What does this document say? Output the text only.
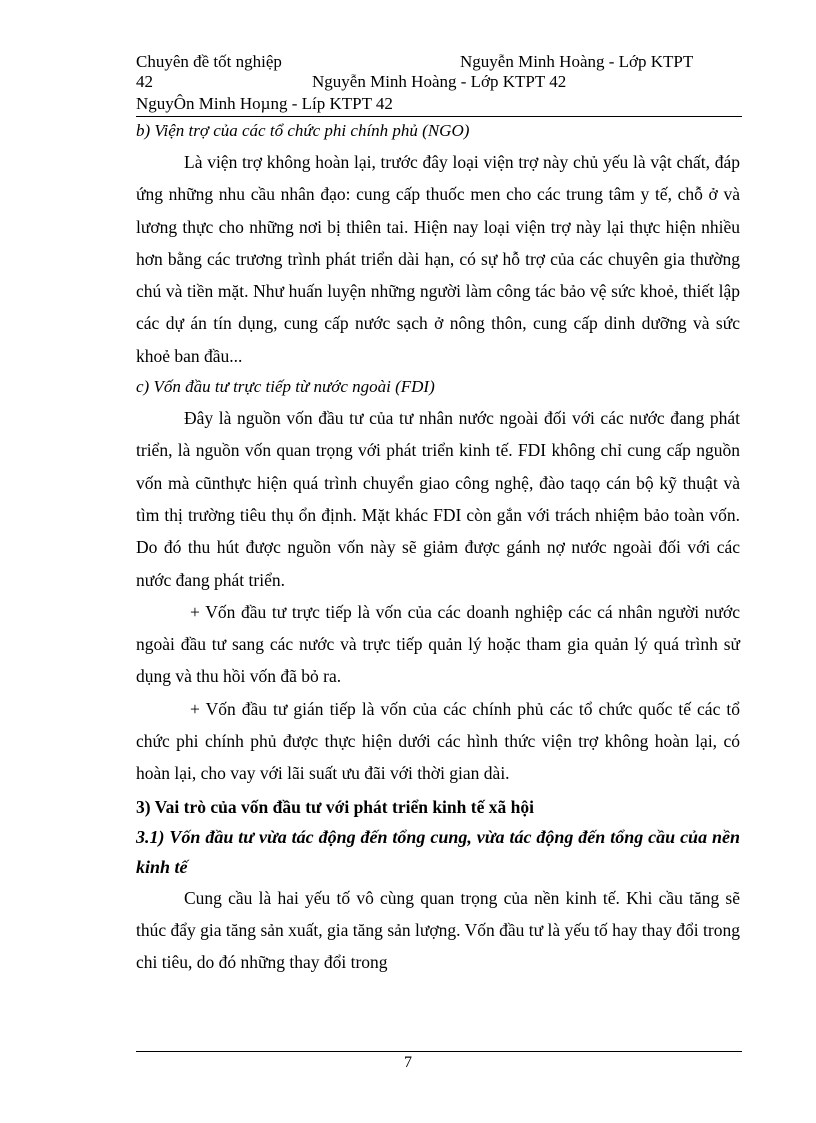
Chuyên đề tốt nghiệp	Nguyễn Minh Hoàng - Lớp KTPT
42	Nguyễn Minh Hoàng - Lớp KTPT 42
NguyÔn Minh Hoµng - Líp KTPT 42
b) Viện trợ của các tổ chức phi chính phủ (NGO)

Là viện trợ không hoàn lại, trước đây loại viện trợ này chủ yếu là vật chất, đáp ứng những nhu cầu nhân đạo: cung cấp thuốc men cho các trung tâm y tế, chỗ ở và lương thực cho những nơi bị thiên tai. Hiện nay loại viện trợ này lại thực hiện nhiều hơn bằng các trương trình phát triển dài hạn, có sự hỗ trợ của các chuyên gia thường chú và tiền mặt. Như huấn luyện những người làm công tác bảo vệ sức khoẻ, thiết lập các dự án tín dụng, cung cấp nước sạch ở nông thôn, cung cấp dinh dưỡng và sức khoẻ ban đầu...

c) Vốn đầu tư trực tiếp từ nước ngoài (FDI)

Đây là nguồn vốn đầu tư của tư nhân nước ngoài đối với các nước đang phát triển, là nguồn vốn quan trọng với phát triển kinh tế. FDI không chỉ cung cấp nguồn vốn mà cũnthực hiện quá trình chuyển giao công nghệ, đào taqọ cán bộ kỹ thuật và tìm thị trường tiêu thụ ổn định. Mặt khác FDI còn gắn với trách nhiệm bảo toàn vốn. Do đó thu hút được nguồn vốn này sẽ giảm được gánh nợ nước ngoài đối với các nước đang phát triển.

+ Vốn đầu tư trực tiếp là vốn của các doanh nghiệp các cá nhân người nước ngoài đầu tư sang các nước và trực tiếp quản lý hoặc tham gia quản lý quá trình sử dụng và thu hồi vốn đã bỏ ra.

+ Vốn đầu tư gián tiếp là vốn của các chính phủ các tổ chức quốc tế các tổ chức phi chính phủ được thực hiện dưới các hình thức viện trợ không hoàn lại, có hoàn lại, cho vay với lãi suất ưu đãi với thời gian dài.

3) Vai trò của vốn đầu tư với phát triển kinh tế xã hội
3.1) Vốn đầu tư vừa tác động đến tổng cung, vừa tác động đến tổng cầu của nền kinh tế

Cung cầu là hai yếu tố vô cùng quan trọng của nền kinh tế. Khi cầu tăng sẽ thúc đẩy gia tăng sản xuất, gia tăng sản lượng. Vốn đầu tư là yếu tố hay thay đổi trong chi tiêu, do đó những thay đổi trong

7
